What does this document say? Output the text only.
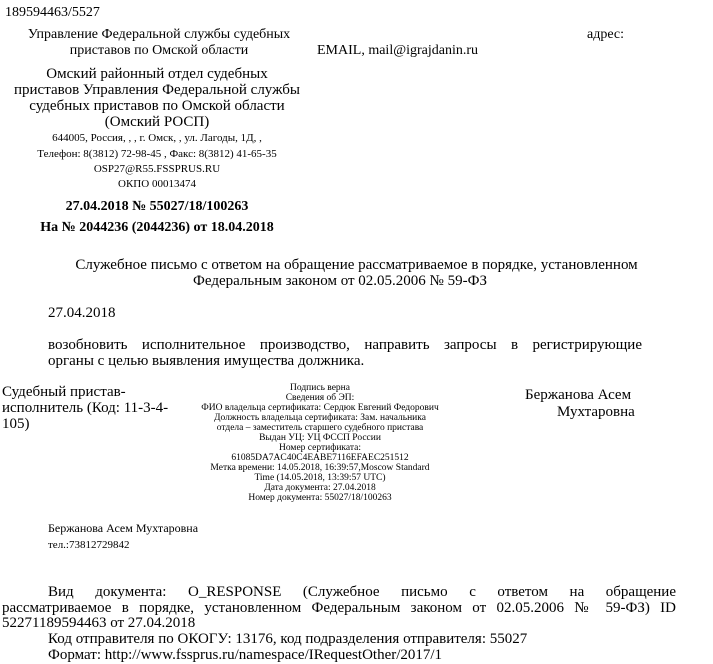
189594463/5527
Управление Федеральной службы судебных
приставов по Омской области
адрес:
EMAIL, mail@igrajdanin.ru
Омский районный отдел судебных
приставов Управления Федеральной службы
судебных приставов по Омской области
(Омский РОСП)
644005, Россия, , , г. Омск, , ул. Лагоды, 1Д, ,
Телефон: 8(3812) 72-98-45 , Факс: 8(3812) 41-65-35
OSP27@R55.FSSPRUS.RU
ОКПО 00013474
27.04.2018 № 55027/18/100263
На № 2044236 (2044236) от 18.04.2018
Служебное письмо с ответом на обращение рассматриваемое в порядке, установленном
Федеральным законом от 02.05.2006 № 59-ФЗ
27.04.2018
возобновить исполнительное производство, направить запросы в регистрирующие
органы с целью выявления имущества должника.
Судебный пристав-
исполнитель (Код: 11-3-4-
105)
Бержанова Асем
Мухтаровна
Подпись верна
Сведения об ЭП:
ФИО владельца сертификата: Сердюк Евгений Федорович
Должность владельца сертификата: Зам. начальника
отдела – заместитель старшего судебного пристава
Выдан УЦ: УЦ ФССП России
Номер сертификата:
61085DA7AC40C4EABE7116EFAEC251512
Метка времени: 14.05.2018, 16:39:57,Moscow Standard
Time (14.05.2018, 13:39:57 UTC)
Дата документа: 27.04.2018
Номер документа: 55027/18/100263
Бержанова Асем Мухтаровна
тел.:73812729842
Вид документа: O_RESPONSE (Служебное письмо с ответом на обращение
рассматриваемое в порядке, установленном Федеральным законом от 02.05.2006 № 59-ФЗ) ID
52271189594463 от 27.04.2018
Код отправителя по ОКОГУ: 13176, код подразделения отправителя: 55027
Формат: http://www.fssprus.ru/namespace/IRequestOther/2017/1
